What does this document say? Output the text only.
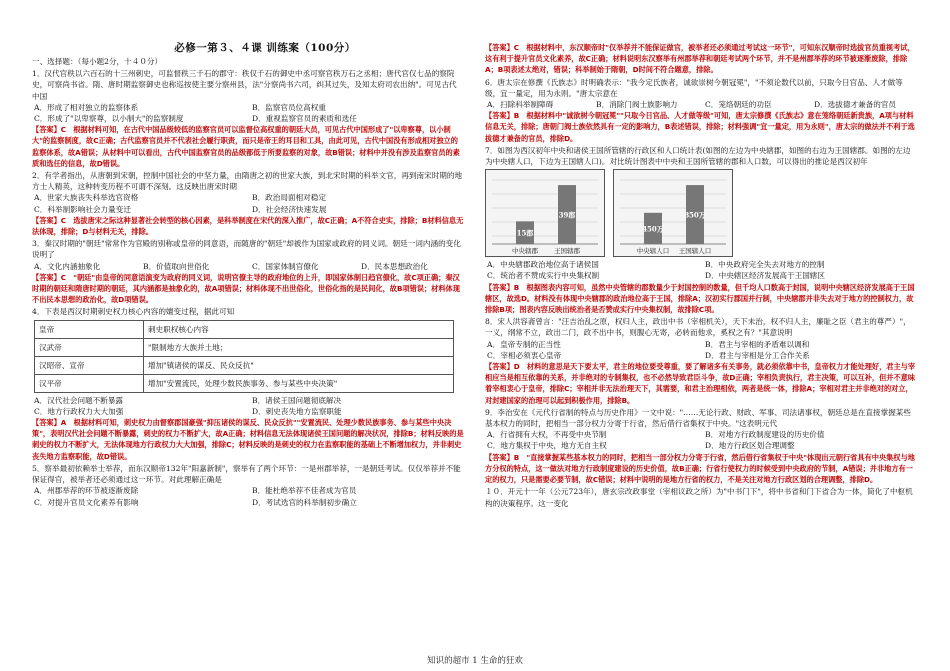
必修一第３、４课 训练案（100分）

一、选择题：（每小题2分，十４０分）

1．汉代官秩以六百石的十三州刺史，可监督秩三千石的郡守：秩仅千石的御史中丞可察官秩万石之丞相；唐代官仅七品的察院史，可察尚书省。隋、唐时期监察御史也称巡按使主要分察州县，法"分察尚书六司，纠其过失，及知太府司农出纳"。可见古代中国

A．形成了相对独立的监察体系	B．监察官员位高权重
C．形成了"以卑察尊，以小制大"的监察制度	D．重视监察官员的素质和选任

【答案】C　根据材料可知，在古代中国品级较低的监察官员可以监督位高权重的朝廷大员，可见古代中国形成了"以卑察尊，以小制大"的监察制度，故C正确；古代监察官员并不代表社会履行职责，而只是帝王的耳目和工具，由此可见，古代中国没有形成相对独立的监察体系，故A错误；从材料中可以看出，古代中国监察官员的品级都低于所要监察的对象，故B错误；材料中并没有涉及监察官员的素质和选任的信息，故D错误。

2．有学者指出，从唐朝到宋朝，控制中国社会的中坚力量，由隋唐之初的世家大族，到北宋时期的科举文官，再到南宋时期的地方士人精英，这种转变历程不可谓不深刻。这反映出唐宋时期

A．世家大族丧失科举选官资格	B．政治局面相对稳定
C．科举制影响社会力量变迁	D．社会经济快速发展

【答案】C　选拔唐宋之际这种显著社会转型的核心因素，是科举制度在宋代的深入推广，故C正确；A不符合史实，排除；B材料信息无法体现，排除；D与材料无关，排除。

3．秦汉时期的"朝廷"常常作为官殿的别称或皇帝的同意语，而随唐的"朝廷"却被作为国家或政府的同义词。朝廷一词内涵的变化说明了

A．文化内涵抽象化	B．价值取向世俗化	C．国家体制官僚化	D．民本思想政治化

【答案】C　"朝廷"由皇帝的同意语演变为政府的同义词，说明官僚主导的政府地位的上升，即国家体制日趋官僚化，故C项正确；秦汉时期的朝廷和隋唐时期的朝廷，其内涵都是抽象化的，故A项错误；材料体现不出世俗化，世俗化指的是民间化，故B项错误；材料体现不出民本思想的政治化，故D项错误。

4．下表是西汉时期刺史权力核心内容的嬗变过程，据此可知

皇帝	刺史职权核心内容
汉武帝	"限制地方大族并土地；
汉昭帝、宣帝	增加"镇诸侯的谋反、民众反抗"
汉平帝	增加"安置流民，处理少数民族事务、参与某些中央决策"
A．汉代社会问题不断暴露	B．诸侯王国问题彻底解决
C．地方行政权力大大加强	D．刺史丧失地方监察职能

【答案】A　根据材料可知，刺史权力由督察郡国豪强"抑压诸侯的谋反、民众反抗""安置流民、处理少数民族事务、参与某些中央决策"，表明汉代社会问题不断暴露，刺史的权力不断扩大，故A正确；材料信息无法体现诸侯王国问题的解决状况，排除B；材料反映的是刺史的权力不断扩大，无法体现地方行政权力大大加强，排除C；材料反映的是刺史的权力在监察职能的基础上不断增加权力，并非刺史丧失地方监察职能，故D错误。

5．察举最初依赖举士举荐，而东汉顺帝132年"阳嘉新制"，察举有了两个环节：一是州郡举荐，一是朝廷考试。仅仅举荐并不能保证得官，被举者还必须通过这一环节。对此理解正确是

A．州郡举荐的环节被逐渐废除	B．能杜绝举荐不佳者成为官员
C．对提升官员文化素养有影响	D．考试选官的科举制初步确立

【答案】C　根据材料中，东汉顺帝时"仅举荐并不能保证做官，被举者还必须通过考试这一环节"，可知东汉顺帝时选拔官员重视考试，这有利于提升官员文化素养，故C正确；材料说明东汉察举有州郡举荐和朝廷考试两个环节，并不是州郡举荐的环节被逐渐废除，排除A；B项表述太绝对，错误；科举制始于隋朝，D时间不符合题意，排除。

6．唐太宗在修撰《氏族志》时明确表示："我今定氏族者，诚欲崇树今朝冠冕"，"不须论数代以前，只取今日官品、人才做等级，宜一量定，用为永则。"唐太宗意在

A．扫除科举制障碍	B．消除门阀士族影响力	C．笼络朝廷的功臣	D．选拔德才兼备的官员

【答案】B　根据材料中"诚欲树今朝冠冕""只取今日官品、人才做等级"可知，唐太宗修撰《氏族志》意在笼络朝廷新贵族，A项与材料信息无关，排除；唐朝门阀士族依然具有一定的影响力，B表述错误，排除；材料强调"宜一量定，用为永则"，唐太宗的做法并不利于选拔德才兼备的官员，排除D。

7．如图为西汉初年中央和诸侯王国所管辖的行政区和人口统计表(如图的左边为中央辖郡，如图的右边为王国辖郡。如图的左边为中央辖人口，下边为王国辖人口)。对比统计图表中中央和王国所管辖的郡和人口数，可以得出的推论是西汉初年

15郡
39郡
中央辖郡 王国辖郡
450万
850万
中央辖人口 王国辖人口
A．中央辖郡政治地位高于诸侯国	B．中央政府完全失去对地方的控制
C．统治者不赞成实行中央集权制	D．中央辖区经济发展高于王国辖区

【答案】B　根据图表内容可知，虽然中央管辖的郡数量少于封国控制的数量，但千均人口数高于封国，说明中央辖区经济发展高于王国辖区，故选D。材料没有体现中央辖郡的政治地位高于王国，排除A；汉初实行郡国并行制，中央辖郡并非失去对于地方的控制权力，故排除B项；图表内容反映出统治者是否赞成实行中央集权制，故排除C项。

8．宋人洪容斋曾言："汪吉治乱之原，权归人主，政出中书（宰相机关），天下未治，权不归人主，廉耻之臣（君主的尊严）"，一义，纲常不立，政出二门，政不出中书，则腹心无寄，必转而他求，奚权之有？"其意说明

A．皇帝专制的正当性	B．君主与宰相的矛盾难以调和
C．宰相必须衷心皇帝	D．君主与宰相是分工合作关系

【答案】D　材料的意思是天下要太平，君主的地位要受尊重，要了解诸多有关事务，就必须依靠中书，皇帝权力才能处理好，君主与宰相应当是相互依靠的关系，并非绝对的专制集权，也不必然导致君臣斗争，故D正确；宰相负责执行，君主决策，可以互补，但并不意味着宰相衷心于皇帝，排除C；宰相并非无法治理天下，其需要，和君主治理相依，两者是统一体，排除A；宰相对君主并非绝对的对立，对封建国家的治理可以起到积极作用，排除B。

9．李治安在《元代行省制的特点与历史作用》一文中说："……无论行政、财政、军事、司法诸事权，朝廷总是在直接掌握某些基本权力的同时，把相当一部分权力分寄于行省，然后借行省集权于中央。"这表明元代

A．行省拥有大权，不再受中央节制	B．对地方行政制度建设的历史价值
C．地方集权于中央，地方无自主权	D．地方行政区划合理调整

【答案】B　"直接掌握某些基本权力的同时，把相当一部分权力分寄于行省，然后借行省集权于中央"体现出元朝行省具有中央集权与地方分权的特点，这一做法对地方行政制度建设的历史价值，故B正确；行省行使权力的时候受到中央政府的节制，A错误；并非地方有一定的权力，只是需要必要节制，故C错误；材料中说明的是地方行省的权力，不是关注对地方行政区划的合理调整，排除D。

１０．开元十一年（公元723年），唐玄宗改政事堂（宰相议政之所）为"中书门下"，将中书省和门下省合为一体，简化了中枢机构的决策程序。这一变化

知识的超市 1 生命的狂欢
